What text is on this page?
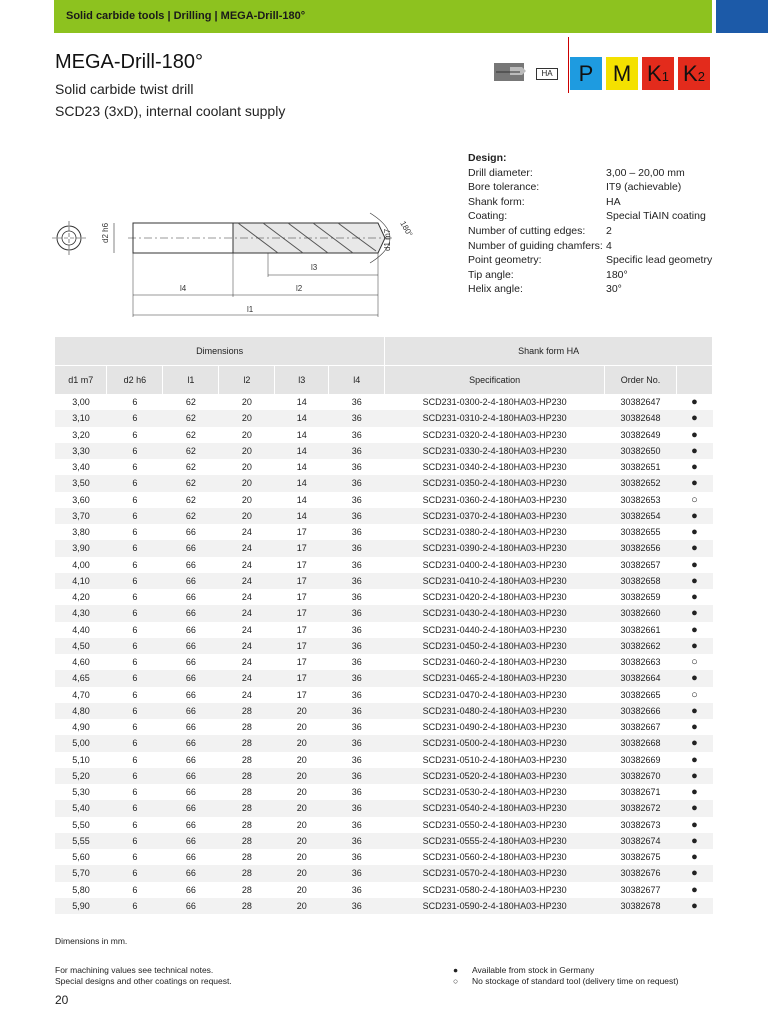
Solid carbide tools | Drilling | MEGA-Drill-180°
MEGA-Drill-180°
Solid carbide twist drill
SCD23 (3xD), internal coolant supply
HA	P M K1 K2
Design:
Drill diameter:	3,00 – 20,00 mm
Bore tolerance:	IT9 (achievable)
Shank form:	HA
Coating:	Special TiAIN coating
Number of cutting edges:	2
Number of guiding chamfers: 4
Point geometry:	Specific lead geometry
Tip angle:	180°
Helix angle:	30°
d2 h6	d1 m7 180°
l3
l4	l2
l1
Dimensions						Shank form HA		
d1 m7	d2 h6	l1	l2	l3	l4	Specification	Order No.	
3,00	6	62	20	14	36	SCD231-0300-2-4-180HA03-HP230	30382647	●
3,10	6	62	20	14	36	SCD231-0310-2-4-180HA03-HP230	30382648	●
3,20	6	62	20	14	36	SCD231-0320-2-4-180HA03-HP230	30382649	●
3,30	6	62	20	14	36	SCD231-0330-2-4-180HA03-HP230	30382650	●
3,40	6	62	20	14	36	SCD231-0340-2-4-180HA03-HP230	30382651	●
3,50	6	62	20	14	36	SCD231-0350-2-4-180HA03-HP230	30382652	●
3,60	6	62	20	14	36	SCD231-0360-2-4-180HA03-HP230	30382653	○
3,70	6	62	20	14	36	SCD231-0370-2-4-180HA03-HP230	30382654	●
3,80	6	66	24	17	36	SCD231-0380-2-4-180HA03-HP230	30382655	●
3,90	6	66	24	17	36	SCD231-0390-2-4-180HA03-HP230	30382656	●
4,00	6	66	24	17	36	SCD231-0400-2-4-180HA03-HP230	30382657	●
4,10	6	66	24	17	36	SCD231-0410-2-4-180HA03-HP230	30382658	●
4,20	6	66	24	17	36	SCD231-0420-2-4-180HA03-HP230	30382659	●
4,30	6	66	24	17	36	SCD231-0430-2-4-180HA03-HP230	30382660	●
4,40	6	66	24	17	36	SCD231-0440-2-4-180HA03-HP230	30382661	●
4,50	6	66	24	17	36	SCD231-0450-2-4-180HA03-HP230	30382662	●
4,60	6	66	24	17	36	SCD231-0460-2-4-180HA03-HP230	30382663	○
4,65	6	66	24	17	36	SCD231-0465-2-4-180HA03-HP230	30382664	●
4,70	6	66	24	17	36	SCD231-0470-2-4-180HA03-HP230	30382665	○
4,80	6	66	28	20	36	SCD231-0480-2-4-180HA03-HP230	30382666	●
4,90	6	66	28	20	36	SCD231-0490-2-4-180HA03-HP230	30382667	●
5,00	6	66	28	20	36	SCD231-0500-2-4-180HA03-HP230	30382668	●
5,10	6	66	28	20	36	SCD231-0510-2-4-180HA03-HP230	30382669	●
5,20	6	66	28	20	36	SCD231-0520-2-4-180HA03-HP230	30382670	●
5,30	6	66	28	20	36	SCD231-0530-2-4-180HA03-HP230	30382671	●
5,40	6	66	28	20	36	SCD231-0540-2-4-180HA03-HP230	30382672	●
5,50	6	66	28	20	36	SCD231-0550-2-4-180HA03-HP230	30382673	●
5,55	6	66	28	20	36	SCD231-0555-2-4-180HA03-HP230	30382674	●
5,60	6	66	28	20	36	SCD231-0560-2-4-180HA03-HP230	30382675	●
5,70	6	66	28	20	36	SCD231-0570-2-4-180HA03-HP230	30382676	●
5,80	6	66	28	20	36	SCD231-0580-2-4-180HA03-HP230	30382677	●
5,90	6	66	28	20	36	SCD231-0590-2-4-180HA03-HP230	30382678	●
Dimensions in mm.
For machining values see technical notes.
Special designs and other coatings on request.
● Available from stock in Germany
○ No stockage of standard tool (delivery time on request)
20
